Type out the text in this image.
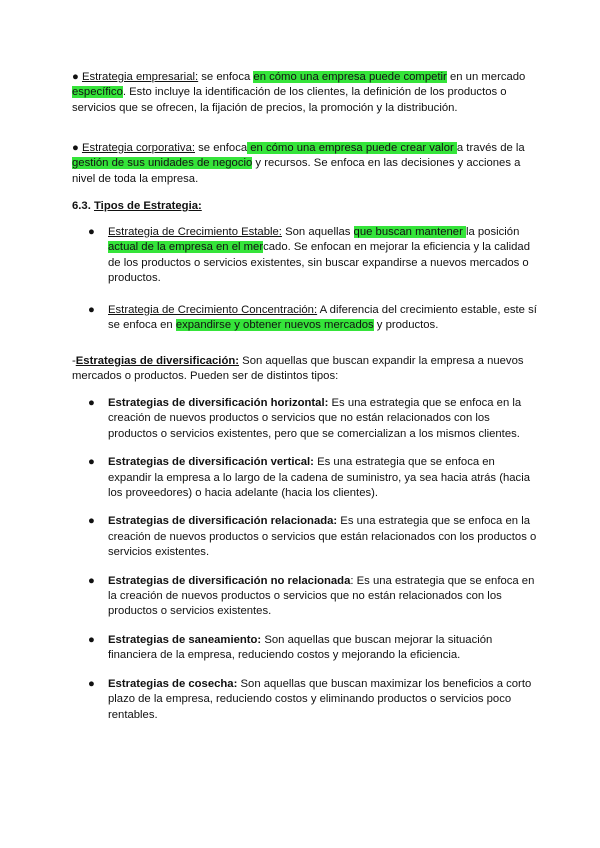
● Estrategia empresarial: se enfoca en cómo una empresa puede competir en un mercado específico. Esto incluye la identificación de los clientes, la definición de los productos o servicios que se ofrecen, la fijación de precios, la promoción y la distribución.

● Estrategia corporativa: se enfoca en cómo una empresa puede crear valor a través de la gestión de sus unidades de negocio y recursos. Se enfoca en las decisiones y acciones a nivel de toda la empresa.

6.3. Tipos de Estrategia:

● Estrategia de Crecimiento Estable: Son aquellas que buscan mantener la posición actual de la empresa en el mercado. Se enfocan en mejorar la eficiencia y la calidad de los productos o servicios existentes, sin buscar expandirse a nuevos mercados o productos.
● Estrategia de Crecimiento Concentración: A diferencia del crecimiento estable, este sí se enfoca en expandirse y obtener nuevos mercados y productos.

-Estrategias de diversificación: Son aquellas que buscan expandir la empresa a nuevos mercados o productos. Pueden ser de distintos tipos:

● Estrategias de diversificación horizontal: Es una estrategia que se enfoca en la creación de nuevos productos o servicios que no están relacionados con los productos o servicios existentes, pero que se comercializan a los mismos clientes.
● Estrategias de diversificación vertical: Es una estrategia que se enfoca en expandir la empresa a lo largo de la cadena de suministro, ya sea hacia atrás (hacia los proveedores) o hacia adelante (hacia los clientes).
● Estrategias de diversificación relacionada: Es una estrategia que se enfoca en la creación de nuevos productos o servicios que están relacionados con los productos o servicios existentes.
● Estrategias de diversificación no relacionada: Es una estrategia que se enfoca en la creación de nuevos productos o servicios que no están relacionados con los productos o servicios existentes.
● Estrategias de saneamiento: Son aquellas que buscan mejorar la situación financiera de la empresa, reduciendo costos y mejorando la eficiencia.
● Estrategias de cosecha: Son aquellas que buscan maximizar los beneficios a corto plazo de la empresa, reduciendo costos y eliminando productos o servicios poco rentables.
